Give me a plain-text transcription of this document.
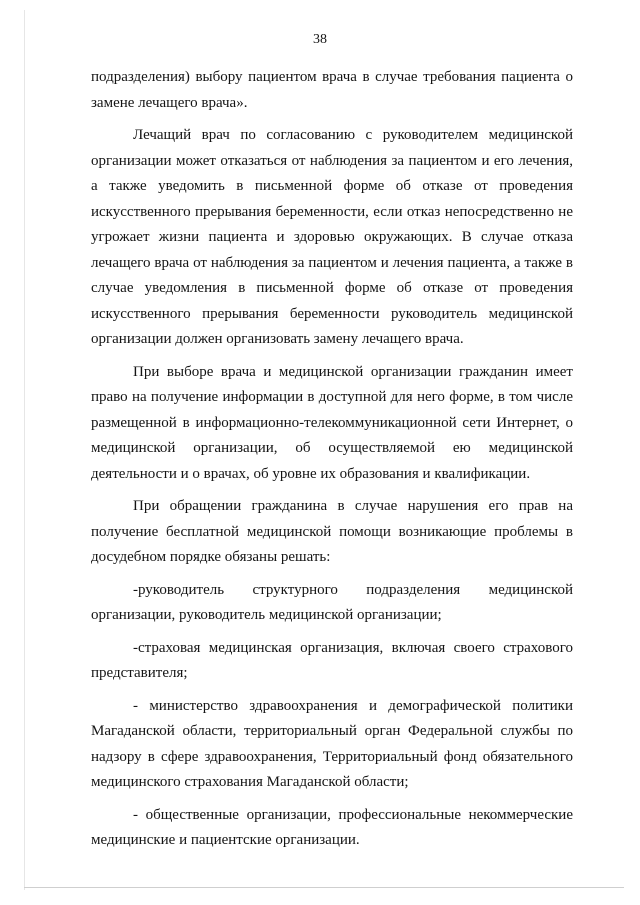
38

подразделения) выбору пациентом врача в случае требования пациента о замене лечащего врача».

Лечащий врач по согласованию с руководителем медицинской организации может отказаться от наблюдения за пациентом и его лечения, а также уведомить в письменной форме об отказе от проведения искусственного прерывания беременности, если отказ непосредственно не угрожает жизни пациента и здоровью окружающих. В случае отказа лечащего врача от наблюдения за пациентом и лечения пациента, а также в случае уведомления в письменной форме об отказе от проведения искусственного прерывания беременности руководитель медицинской организации должен организовать замену лечащего врача.

При выборе врача и медицинской организации гражданин имеет право на получение информации в доступной для него форме, в том числе размещенной в информационно-телекоммуникационной сети Интернет, о медицинской организации, об осуществляемой ею медицинской деятельности и о врачах, об уровне их образования и квалификации.

При обращении гражданина в случае нарушения его прав на получение бесплатной медицинской помощи возникающие проблемы в досудебном порядке обязаны решать:

-руководитель структурного подразделения медицинской организации, руководитель медицинской организации;

-страховая медицинская организация, включая своего страхового представителя;

- министерство здравоохранения и демографической политики Магаданской области, территориальный орган Федеральной службы по надзору в сфере здравоохранения, Территориальный фонд обязательного медицинского страхования Магаданской области;

- общественные организации, профессиональные некоммерческие медицинские и пациентские организации.
